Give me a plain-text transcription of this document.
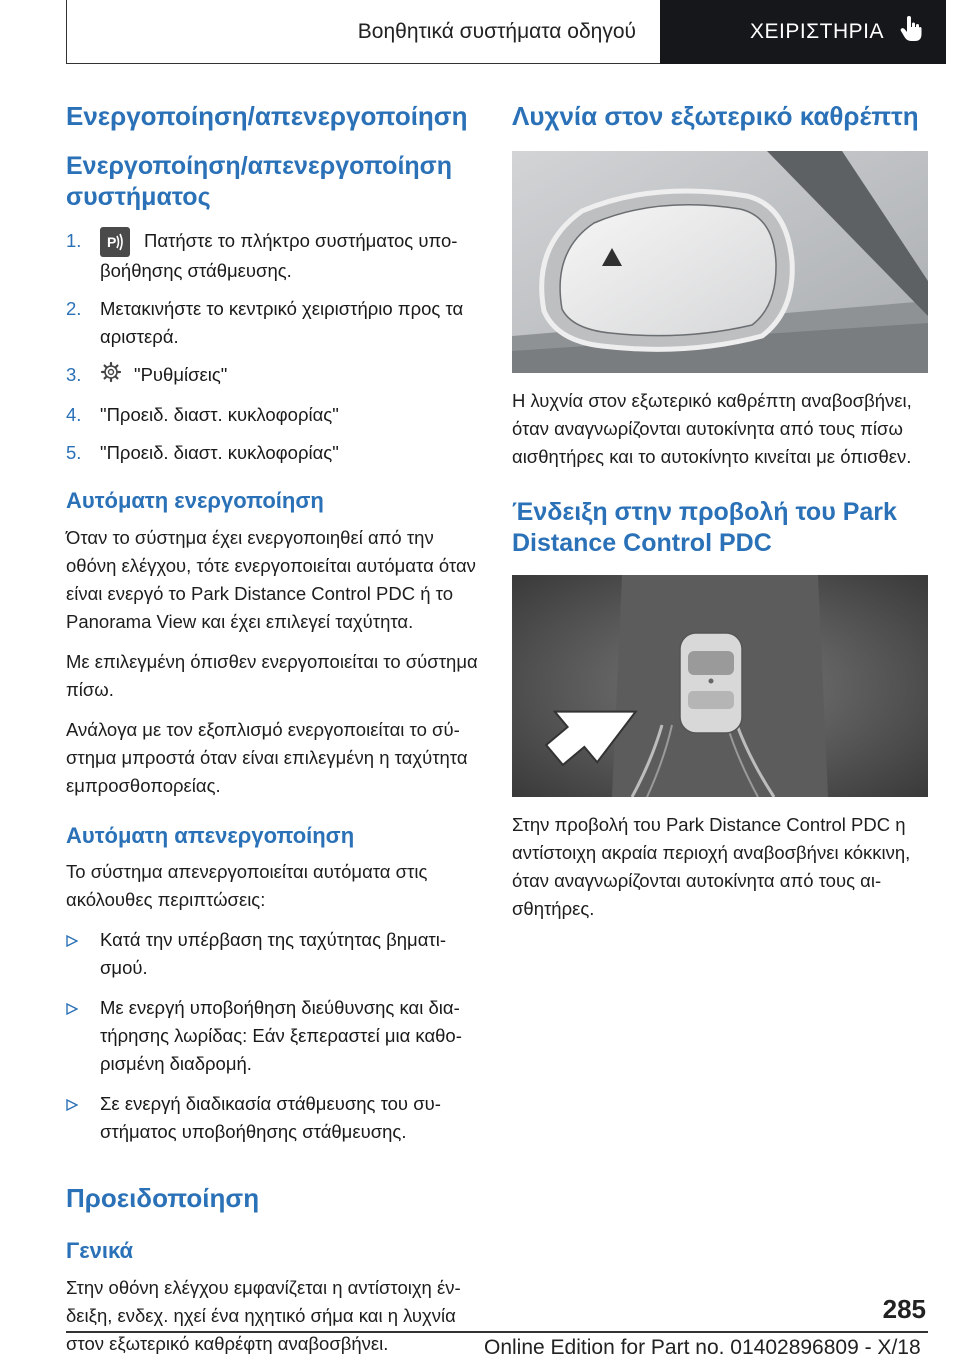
Βοηθητικά συστήματα οδηγού	ΧΕΙΡΙΣΤΗΡΙΑ
Ενεργοποίηση/απενεργοποίηση
Ενεργοποίηση/απενεργοποίηση συστήματος
1.	P Πατήστε το πλήκτρο συστήματος υποβοήθησης στάθμευσης.
2.	Μετακινήστε το κεντρικό χειριστήριο προς τα αριστερά.
3.	"Ρυθμίσεις"
4.	"Προειδ. διαστ. κυκλοφορίας"
5.	"Προειδ. διαστ. κυκλοφορίας"
Αυτόματη ενεργοποίηση

Όταν το σύστημα έχει ενεργοποιηθεί από την οθόνη ελέγχου, τότε ενεργοποιείται αυτόματα όταν είναι ενεργό το Park Distance Control PDC ή το Panorama View και έχει επιλεγεί ταχύτητα.

Με επιλεγμένη όπισθεν ενεργοποιείται το σύστημα πίσω.

Ανάλογα με τον εξοπλισμό ενεργοποιείται το σύστημα μπροστά όταν είναι επιλεγμένη η ταχύτητα εμπροσθοπορείας.

Αυτόματη απενεργοποίηση

Το σύστημα απενεργοποιείται αυτόματα στις ακόλουθες περιπτώσεις:

Κατά την υπέρβαση της ταχύτητας βηματισμού.
Με ενεργή υποβοήθηση διεύθυνσης και διατήρησης λωρίδας: Εάν ξεπεραστεί μια καθορισμένη διαδρομή.
Σε ενεργή διαδικασία στάθμευσης του συστήματος υποβοήθησης στάθμευσης.
Προειδοποίηση
Γενικά

Στην οθόνη ελέγχου εμφανίζεται η αντίστοιχη ένδειξη, ενδεχ. ηχεί ένα ηχητικό σήμα και η λυχνία στον εξωτερικό καθρέφτη αναβοσβήνει.

Λυχνία στον εξωτερικό καθρέπτη

Η λυχνία στον εξωτερικό καθρέπτη αναβοσβήνει, όταν αναγνωρίζονται αυτοκίνητα από τους πίσω αισθητήρες και το αυτοκίνητο κινείται με όπισθεν.

Ένδειξη στην προβολή του Park Distance Control PDC

Στην προβολή του Park Distance Control PDC η αντίστοιχη ακραία περιοχή αναβοσβήνει κόκκινη, όταν αναγνωρίζονται αυτοκίνητα από τους αισθητήρες.

285
Online Edition for Part no. 01402896809 - X/18
